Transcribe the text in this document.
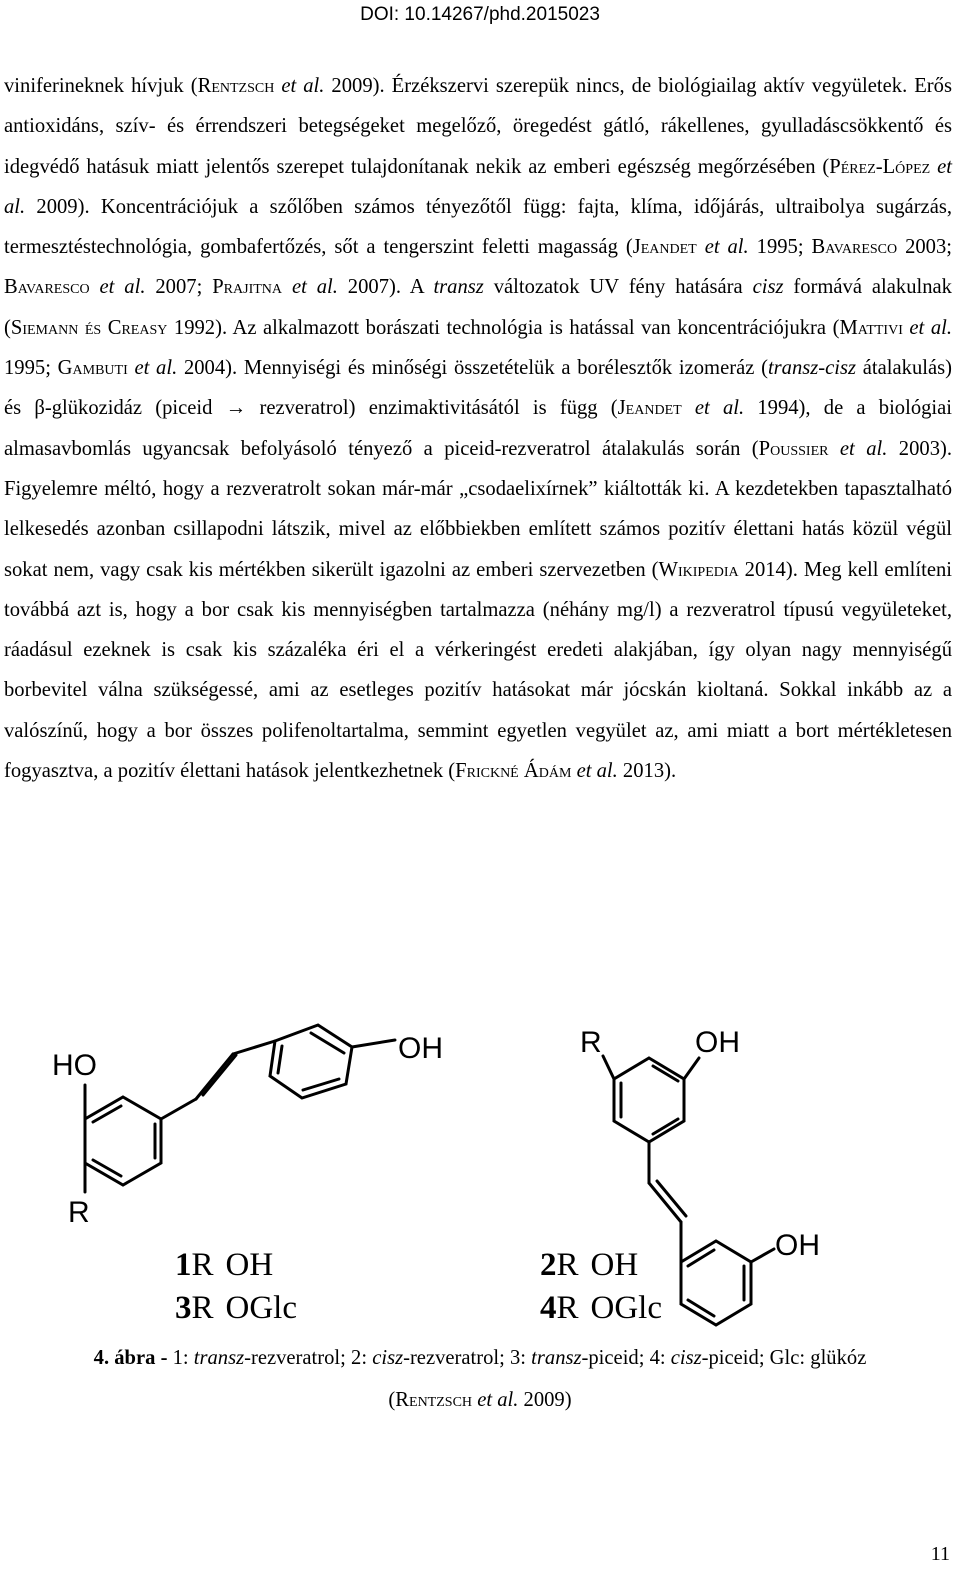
DOI: 10.14267/phd.2015023

viniferineknek hívjuk (Rentzsch et al. 2009). Érzékszervi szerepük nincs, de biológiailag aktív vegyületek. Erős antioxidáns, szív- és érrendszeri betegségeket megelőző, öregedést gátló, rákellenes, gyulladáscsökkentő és idegvédő hatásuk miatt jelentős szerepet tulajdonítanak nekik az emberi egészség megőrzésében (Pérez-López et al. 2009). Koncentrációjuk a szőlőben számos tényezőtől függ: fajta, klíma, időjárás, ultraibolya sugárzás, termesztéstechnológia, gombafertőzés, sőt a tengerszint feletti magasság (Jeandet et al. 1995; Bavaresco 2003; Bavaresco et al. 2007; Prajitna et al. 2007). A transz változatok UV fény hatására cisz formává alakulnak (Siemann és Creasy 1992). Az alkalmazott borászati technológia is hatással van koncentrációjukra (Mattivi et al. 1995; Gambuti et al. 2004). Mennyiségi és minőségi összetételük a borélesztők izomeráz (transz-cisz átalakulás) és β-glükozidáz (piceid → rezveratrol) enzimaktivitásától is függ (Jeandet et al. 1994), de a biológiai almasavbomlás ugyancsak befolyásoló tényező a piceid-rezveratrol átalakulás során (Poussier et al. 2003). Figyelemre méltó, hogy a rezveratrolt sokan már-már „csodaelixírnek” kiáltották ki. A kezdetekben tapasztalható lelkesedés azonban csillapodni látszik, mivel az előbbiekben említett számos pozitív élettani hatás közül végül sokat nem, vagy csak kis mértékben sikerült igazolni az emberi szervezetben (Wikipedia 2014). Meg kell említeni továbbá azt is, hogy a bor csak kis mennyiségben tartalmazza (néhány mg/l) a rezveratrol típusú vegyületeket, ráadásul ezeknek is csak kis százaléka éri el a vérkeringést eredeti alakjában, így olyan nagy mennyiségű borbevitel válna szükségessé, ami az esetleges pozitív hatásokat már jócskán kioltaná. Sokkal inkább az a valószínű, hogy a bor összes polifenoltartalma, semmint egyetlen vegyület az, ami miatt a bort mértékletesen fogyasztva, a pozitív élettani hatások jelentkezhetnek (Frickné Ádám et al. 2013).

HO
OH
R
1R OH
3R OGlc
R	OH
OH
2R OH
4R OGlc
4. ábra - 1: transz-rezveratrol; 2: cisz-rezveratrol; 3: transz-piceid; 4: cisz-piceid; Glc: glükóz
(Rentzsch et al. 2009)
11
